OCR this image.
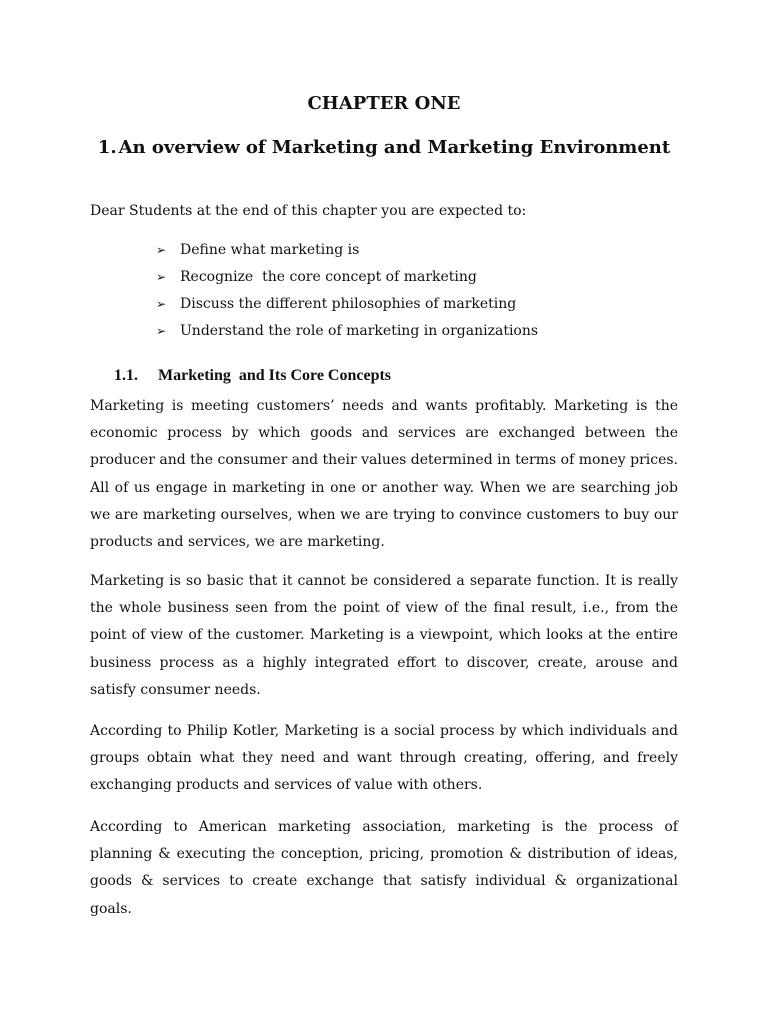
CHAPTER ONE
1. An overview of Marketing and Marketing Environment
Dear Students at the end of this chapter you are expected to:
➢ Define what marketing is
➢ Recognize  the core concept of marketing
➢ Discuss the different philosophies of marketing
➢ Understand the role of marketing in organizations
1.1. Marketing  and Its Core Concepts

Marketing is meeting customers’ needs and wants profitably. Marketing is the economic process by which goods and services are exchanged between the producer and the consumer and their values determined in terms of money prices. All of us engage in marketing in one or another way. When we are searching job we are marketing ourselves, when we are trying to convince customers to buy our products and services, we are marketing.

Marketing is so basic that it cannot be considered a separate function. It is really the whole business seen from the point of view of the final result, i.e., from the point of view of the customer. Marketing is a viewpoint, which looks at the entire business process as a highly integrated effort to discover, create, arouse and satisfy consumer needs.

According to Philip Kotler, Marketing is a social process by which individuals and groups obtain what they need and want through creating, offering, and freely exchanging products and services of value with others.

According to American marketing association, marketing is the process of planning & executing the conception, pricing, promotion & distribution of ideas, goods & services to create exchange that satisfy individual & organizational goals.
